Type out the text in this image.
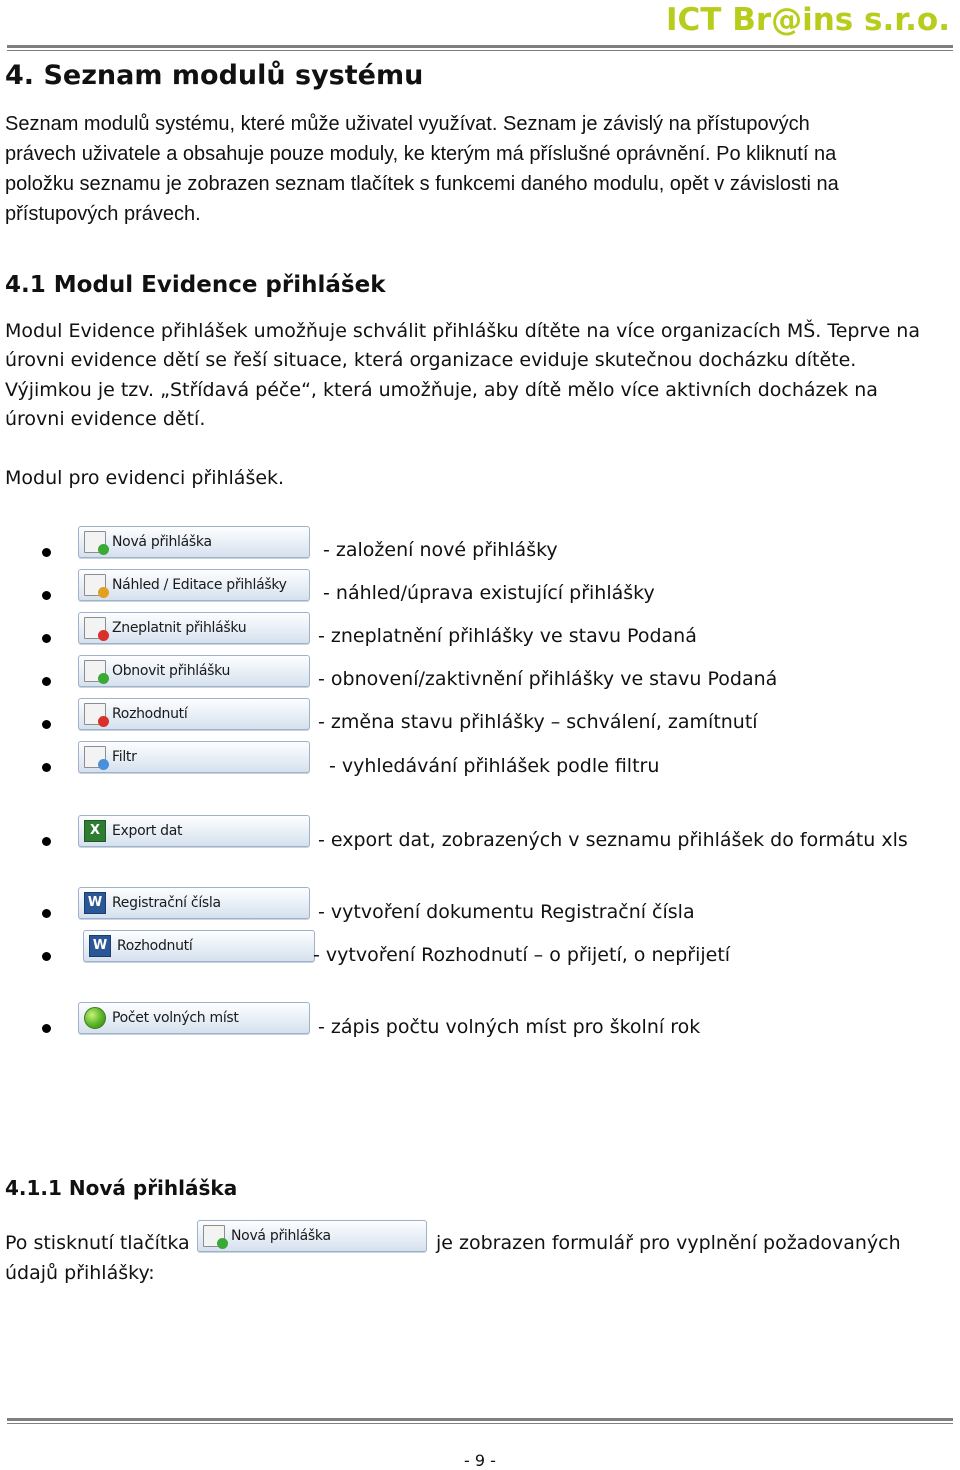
ICT Br@ins s.r.o.
4. Seznam modulů systému

Seznam modulů systému, které může uživatel využívat. Seznam je závislý na přístupových

právech uživatele a obsahuje pouze moduly, ke kterým má příslušné oprávnění. Po kliknutí na

položku seznamu je zobrazen seznam tlačítek s funkcemi daného modulu, opět v závislosti na

přístupových právech.

4.1 Modul Evidence přihlášek

Modul Evidence přihlášek umožňuje schválit přihlášku dítěte na více organizacích MŠ. Teprve na

úrovni evidence dětí se řeší situace, která organizace eviduje skutečnou docházku dítěte.

Výjimkou je tzv. „Střídavá péče“, která umožňuje, aby dítě mělo více aktivních docházek na

úrovni evidence dětí.

Modul pro evidenci přihlášek.

Nová přihláška	- založení nové přihlášky
Náhled / Editace přihlášky - náhled/úprava existující přihlášky
Zneplatnit přihlášku	- zneplatnění přihlášky ve stavu Podaná
Obnovit přihlášku	- obnovení/zaktivnění přihlášky ve stavu Podaná
Rozhodnutí	- změna stavu přihlášky – schválení, zamítnutí
Filtr	- vyhledávání přihlášek podle filtru
X Export dat	- export dat, zobrazených v seznamu přihlášek do formátu xls
W Registrační čísla	- vytvoření dokumentu Registrační čísla
W Rozhodnutí	- vytvoření Rozhodnutí – o přijetí, o nepřijetí
Počet volných míst	- zápis počtu volných míst pro školní rok
4.1.1 Nová přihláška
Po stisknutí tlačítka	Nová přihláška	je zobrazen formulář pro vyplnění požadovaných
údajů přihlášky:
- 9 -
